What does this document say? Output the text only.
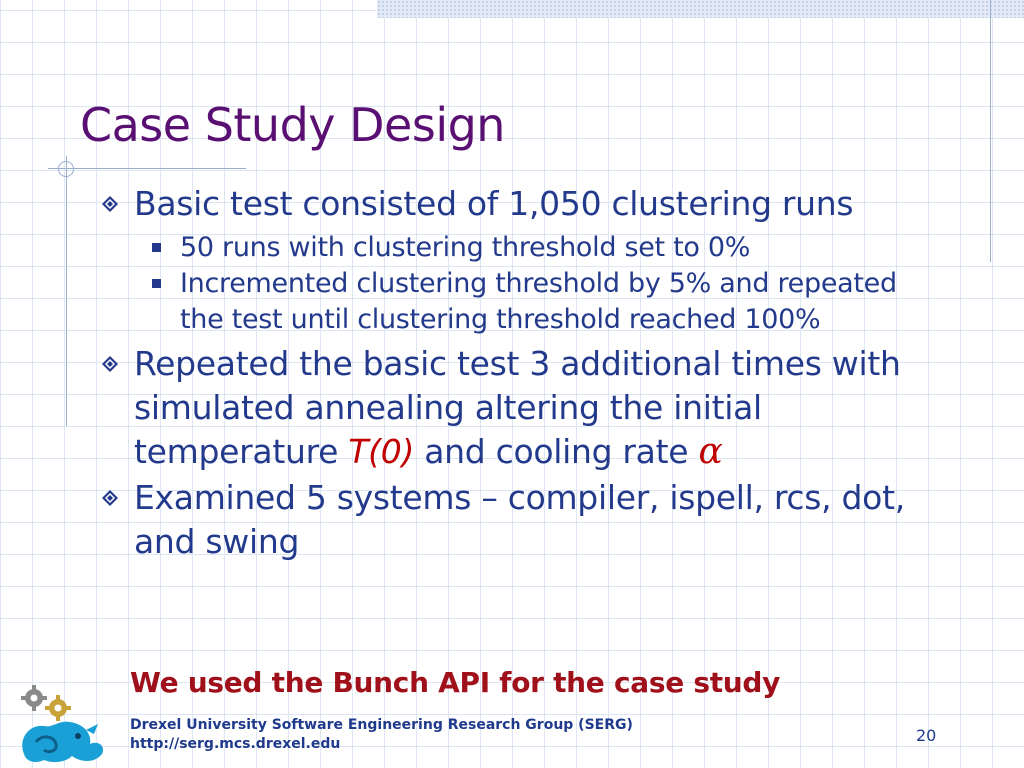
Case Study Design
Basic test consisted of 1,050 clustering runs
50 runs with clustering threshold set to 0%
Incremented clustering threshold by 5% and repeated the test until clustering threshold reached 100%
Repeated the basic test 3 additional times with simulated annealing altering the initial temperature T(0) and cooling rate α
Examined 5 systems – compiler, ispell, rcs, dot, and swing
We used the Bunch API for the case study
Drexel University Software Engineering Research Group (SERG)
http://serg.mcs.drexel.edu	20
